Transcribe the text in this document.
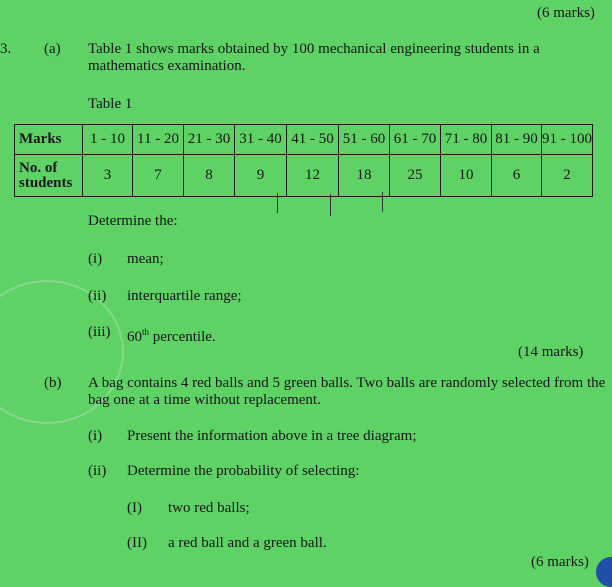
(6 marks)
3. (a) Table 1 shows marks obtained by 100 mechanical engineering students in a
mathematics examination.
Table 1
Marks	1 - 10	11 - 20	21 - 30	31 - 40	41 - 50	51 - 60	61 - 70	71 - 80	81 - 90	91 - 100

No. of
students	3	7	8	9	12	18	25	10	6	2
Determine the:
(i) mean;
(ii) interquartile range;
(iii) 60th percentile.
(14 marks)
(b) A bag contains 4 red balls and 5 green balls. Two balls are randomly selected from the
bag one at a time without replacement.
(i) Present the information above in a tree diagram;
(ii) Determine the probability of selecting:
(I) two red balls;
(II) a red ball and a green ball.
(6 marks)
